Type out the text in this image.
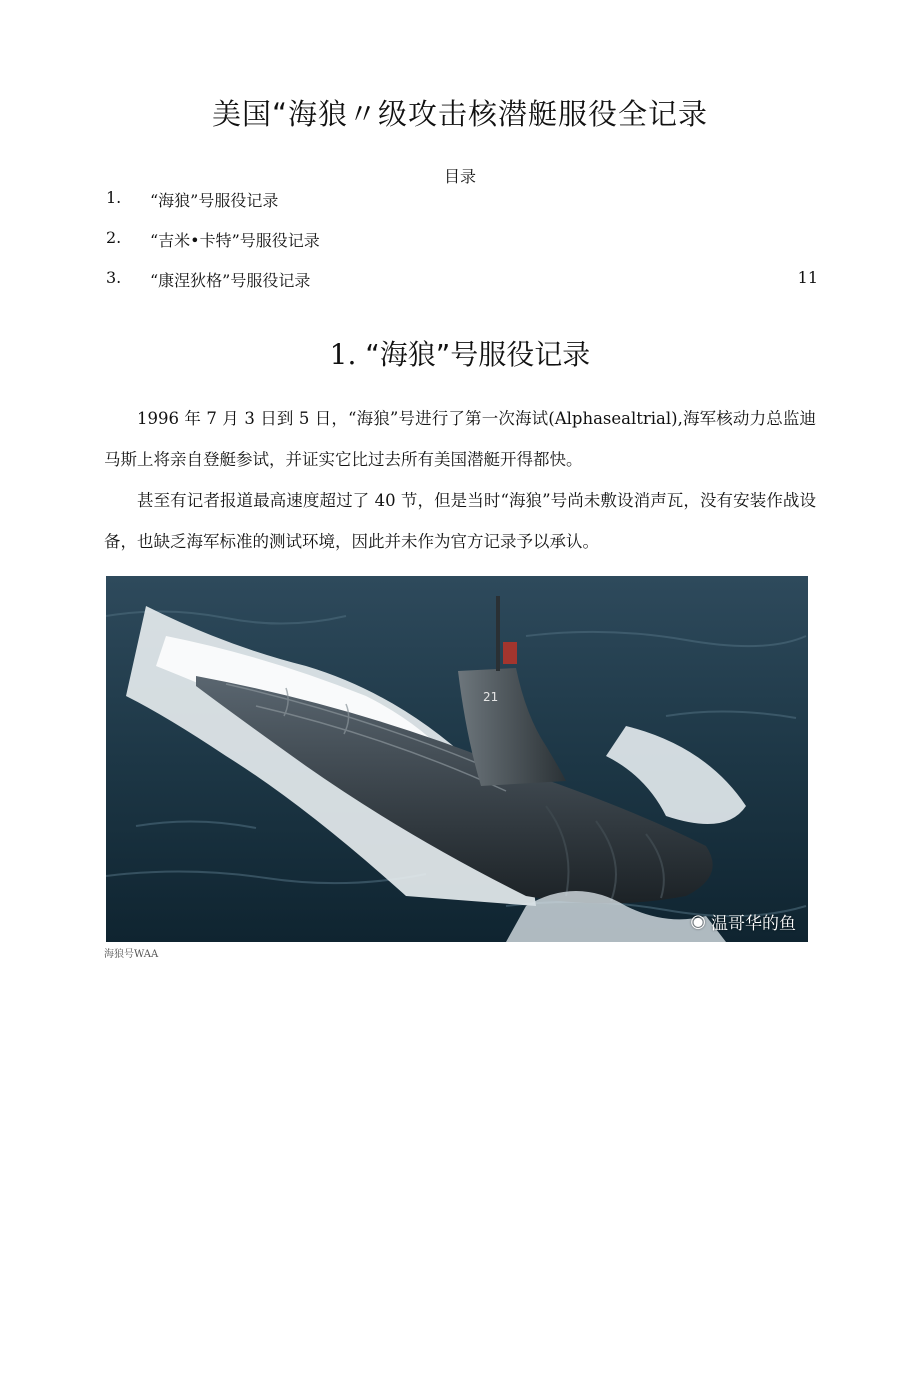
美国“海狼〃级攻击核潜艇服役全记录
目录
1. “海狼”号服役记录
2. “吉米•卡特”号服役记录
3. “康涅狄格”号服役记录	11
1. “海狼”号服役记录

1996 年 7 月 3 日到 5 日，“海狼”号进行了第一次海试(Alphasealtrial),海军核动力总监迪马斯上将亲自登艇参试，并证实它比过去所有美国潜艇开得都快。

甚至有记者报道最高速度超过了 40 节，但是当时“海狼”号尚未敷设消声瓦，没有安装作战设备，也缺乏海军标准的测试环境，因此并未作为官方记录予以承认。

21
◉ 温哥华的鱼
海狼号WAA
